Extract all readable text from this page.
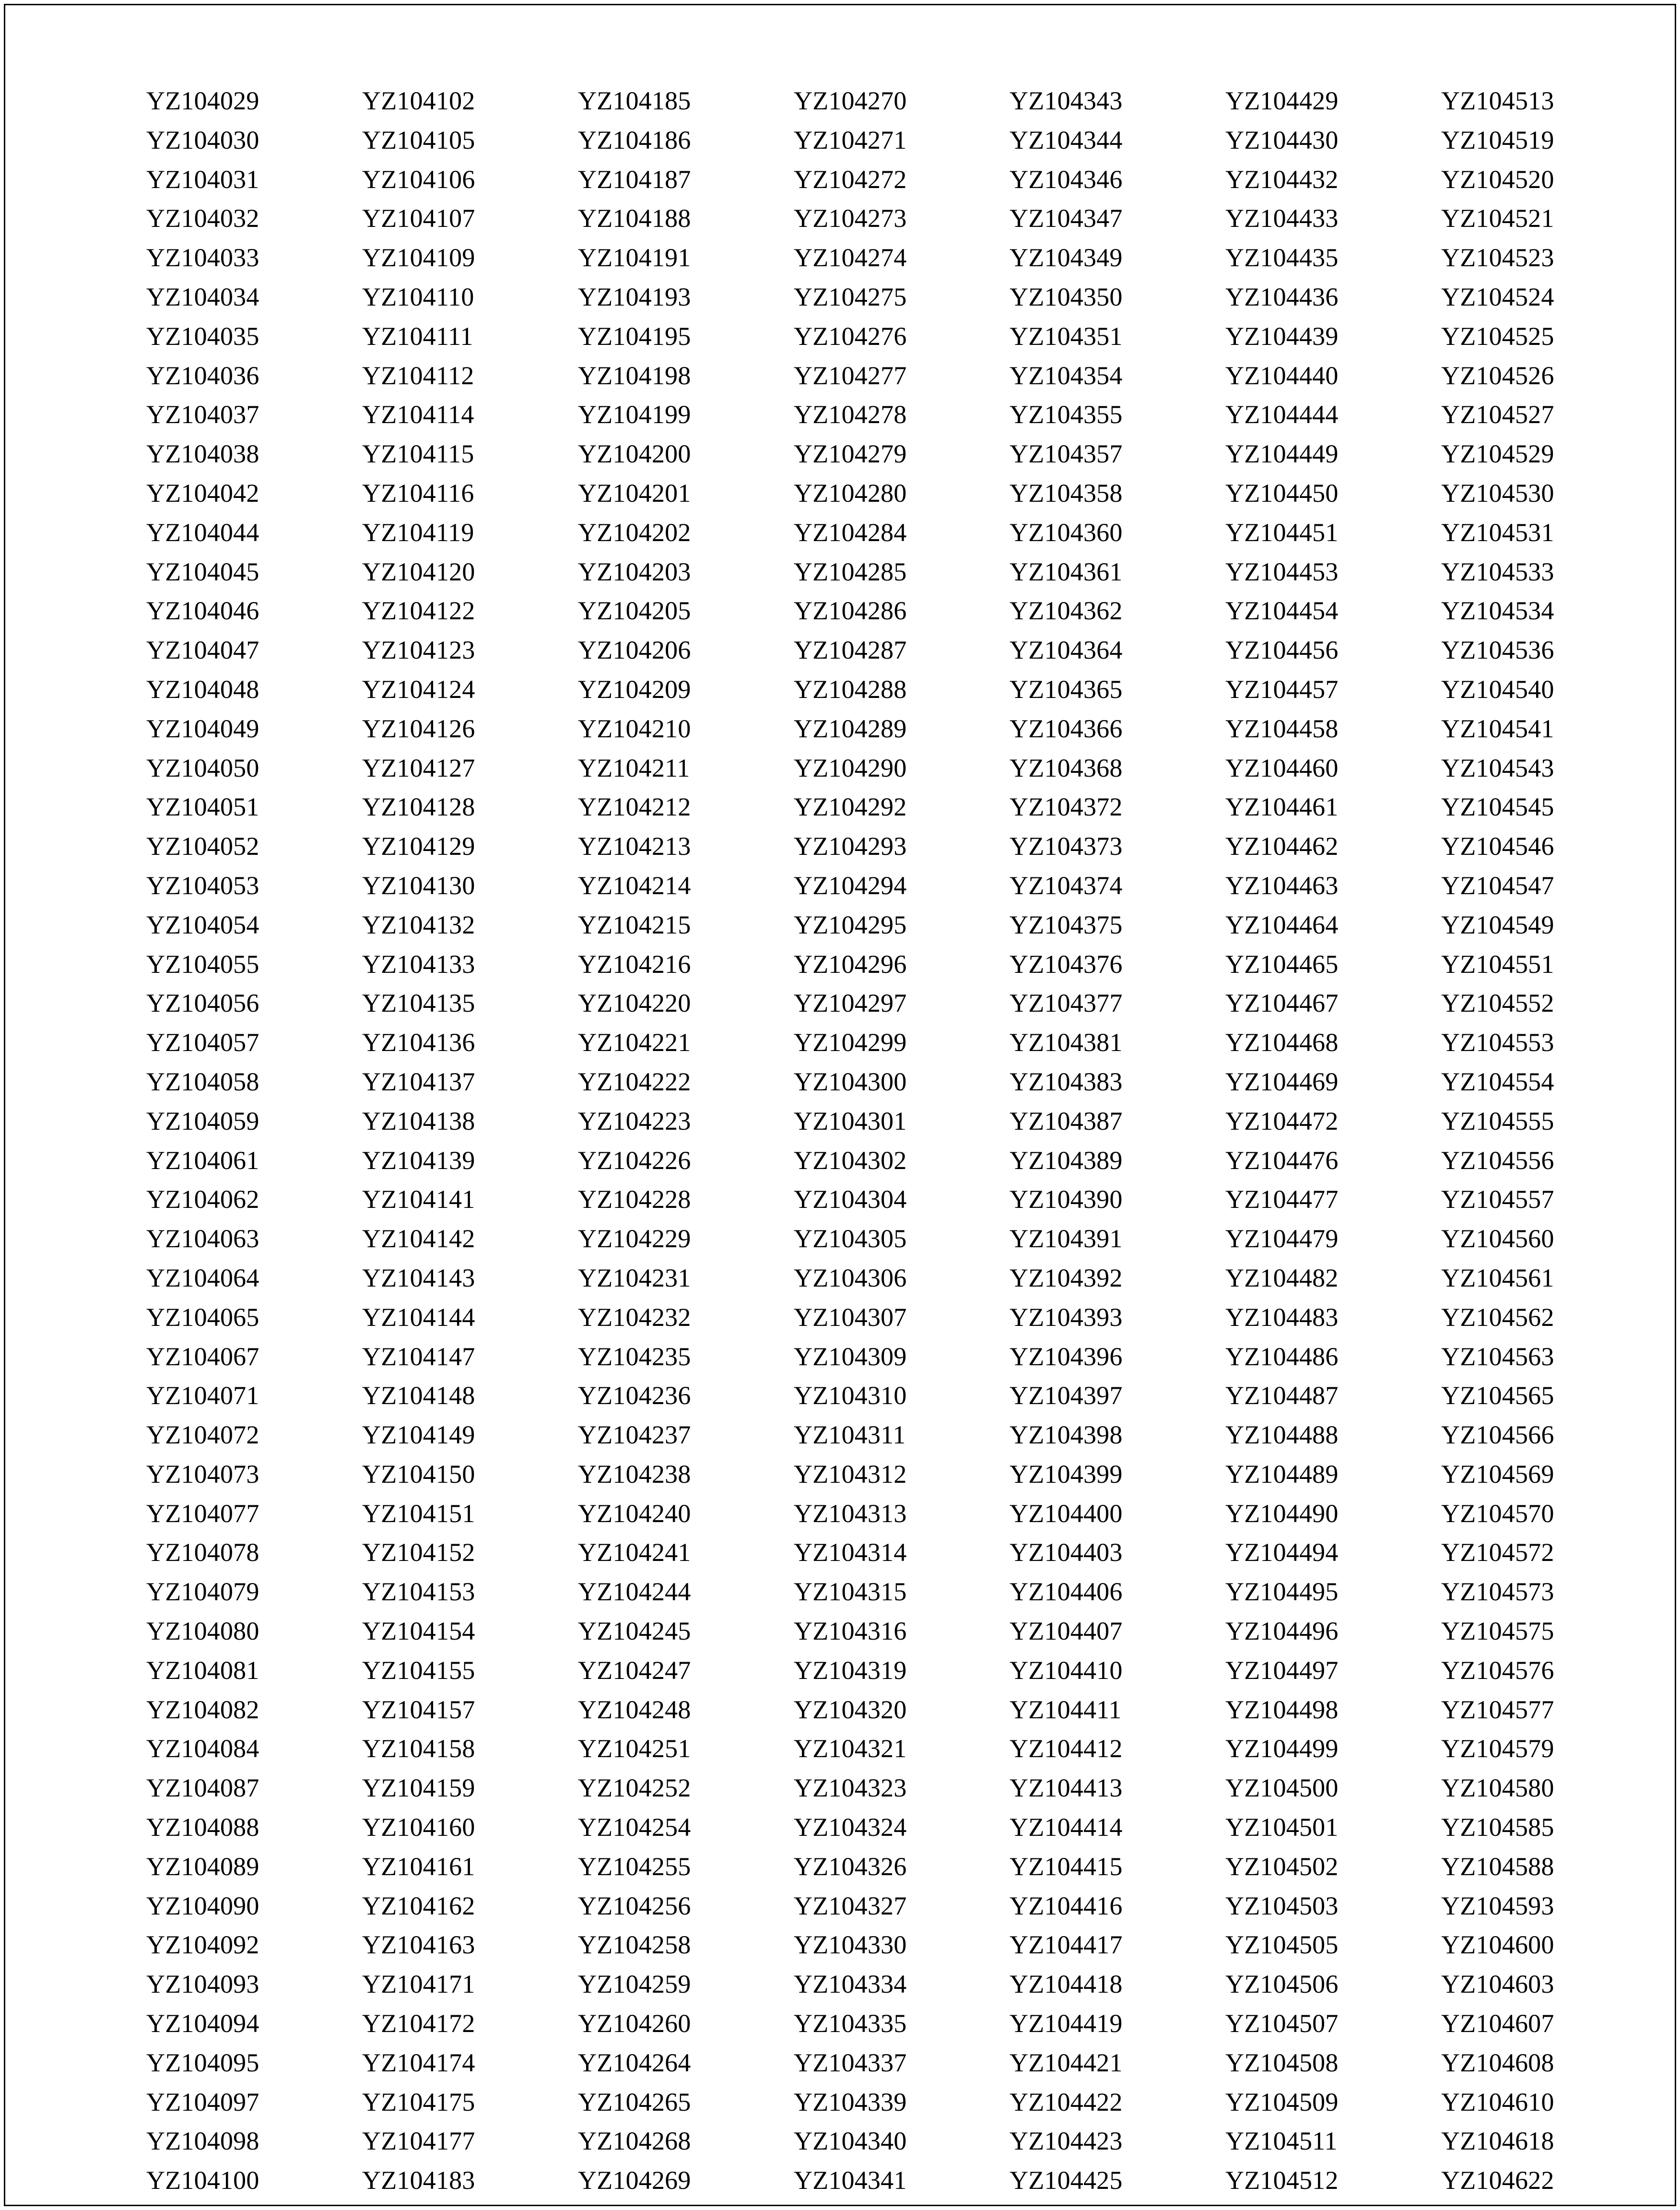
YZ104029
YZ104030
YZ104031
YZ104032
YZ104033
YZ104034
YZ104035
YZ104036
YZ104037
YZ104038
YZ104042
YZ104044
YZ104045
YZ104046
YZ104047
YZ104048
YZ104049
YZ104050
YZ104051
YZ104052
YZ104053
YZ104054
YZ104055
YZ104056
YZ104057
YZ104058
YZ104059
YZ104061
YZ104062
YZ104063
YZ104064
YZ104065
YZ104067
YZ104071
YZ104072
YZ104073
YZ104077
YZ104078
YZ104079
YZ104080
YZ104081
YZ104082
YZ104084
YZ104087
YZ104088
YZ104089
YZ104090
YZ104092
YZ104093
YZ104094
YZ104095
YZ104097
YZ104098
YZ104100
YZ104102
YZ104105
YZ104106
YZ104107
YZ104109
YZ104110
YZ104111
YZ104112
YZ104114
YZ104115
YZ104116
YZ104119
YZ104120
YZ104122
YZ104123
YZ104124
YZ104126
YZ104127
YZ104128
YZ104129
YZ104130
YZ104132
YZ104133
YZ104135
YZ104136
YZ104137
YZ104138
YZ104139
YZ104141
YZ104142
YZ104143
YZ104144
YZ104147
YZ104148
YZ104149
YZ104150
YZ104151
YZ104152
YZ104153
YZ104154
YZ104155
YZ104157
YZ104158
YZ104159
YZ104160
YZ104161
YZ104162
YZ104163
YZ104171
YZ104172
YZ104174
YZ104175
YZ104177
YZ104183
YZ104185
YZ104186
YZ104187
YZ104188
YZ104191
YZ104193
YZ104195
YZ104198
YZ104199
YZ104200
YZ104201
YZ104202
YZ104203
YZ104205
YZ104206
YZ104209
YZ104210
YZ104211
YZ104212
YZ104213
YZ104214
YZ104215
YZ104216
YZ104220
YZ104221
YZ104222
YZ104223
YZ104226
YZ104228
YZ104229
YZ104231
YZ104232
YZ104235
YZ104236
YZ104237
YZ104238
YZ104240
YZ104241
YZ104244
YZ104245
YZ104247
YZ104248
YZ104251
YZ104252
YZ104254
YZ104255
YZ104256
YZ104258
YZ104259
YZ104260
YZ104264
YZ104265
YZ104268
YZ104269
YZ104270
YZ104271
YZ104272
YZ104273
YZ104274
YZ104275
YZ104276
YZ104277
YZ104278
YZ104279
YZ104280
YZ104284
YZ104285
YZ104286
YZ104287
YZ104288
YZ104289
YZ104290
YZ104292
YZ104293
YZ104294
YZ104295
YZ104296
YZ104297
YZ104299
YZ104300
YZ104301
YZ104302
YZ104304
YZ104305
YZ104306
YZ104307
YZ104309
YZ104310
YZ104311
YZ104312
YZ104313
YZ104314
YZ104315
YZ104316
YZ104319
YZ104320
YZ104321
YZ104323
YZ104324
YZ104326
YZ104327
YZ104330
YZ104334
YZ104335
YZ104337
YZ104339
YZ104340
YZ104341
YZ104343
YZ104344
YZ104346
YZ104347
YZ104349
YZ104350
YZ104351
YZ104354
YZ104355
YZ104357
YZ104358
YZ104360
YZ104361
YZ104362
YZ104364
YZ104365
YZ104366
YZ104368
YZ104372
YZ104373
YZ104374
YZ104375
YZ104376
YZ104377
YZ104381
YZ104383
YZ104387
YZ104389
YZ104390
YZ104391
YZ104392
YZ104393
YZ104396
YZ104397
YZ104398
YZ104399
YZ104400
YZ104403
YZ104406
YZ104407
YZ104410
YZ104411
YZ104412
YZ104413
YZ104414
YZ104415
YZ104416
YZ104417
YZ104418
YZ104419
YZ104421
YZ104422
YZ104423
YZ104425
YZ104429
YZ104430
YZ104432
YZ104433
YZ104435
YZ104436
YZ104439
YZ104440
YZ104444
YZ104449
YZ104450
YZ104451
YZ104453
YZ104454
YZ104456
YZ104457
YZ104458
YZ104460
YZ104461
YZ104462
YZ104463
YZ104464
YZ104465
YZ104467
YZ104468
YZ104469
YZ104472
YZ104476
YZ104477
YZ104479
YZ104482
YZ104483
YZ104486
YZ104487
YZ104488
YZ104489
YZ104490
YZ104494
YZ104495
YZ104496
YZ104497
YZ104498
YZ104499
YZ104500
YZ104501
YZ104502
YZ104503
YZ104505
YZ104506
YZ104507
YZ104508
YZ104509
YZ104511
YZ104512
YZ104513
YZ104519
YZ104520
YZ104521
YZ104523
YZ104524
YZ104525
YZ104526
YZ104527
YZ104529
YZ104530
YZ104531
YZ104533
YZ104534
YZ104536
YZ104540
YZ104541
YZ104543
YZ104545
YZ104546
YZ104547
YZ104549
YZ104551
YZ104552
YZ104553
YZ104554
YZ104555
YZ104556
YZ104557
YZ104560
YZ104561
YZ104562
YZ104563
YZ104565
YZ104566
YZ104569
YZ104570
YZ104572
YZ104573
YZ104575
YZ104576
YZ104577
YZ104579
YZ104580
YZ104585
YZ104588
YZ104593
YZ104600
YZ104603
YZ104607
YZ104608
YZ104610
YZ104618
YZ104622
